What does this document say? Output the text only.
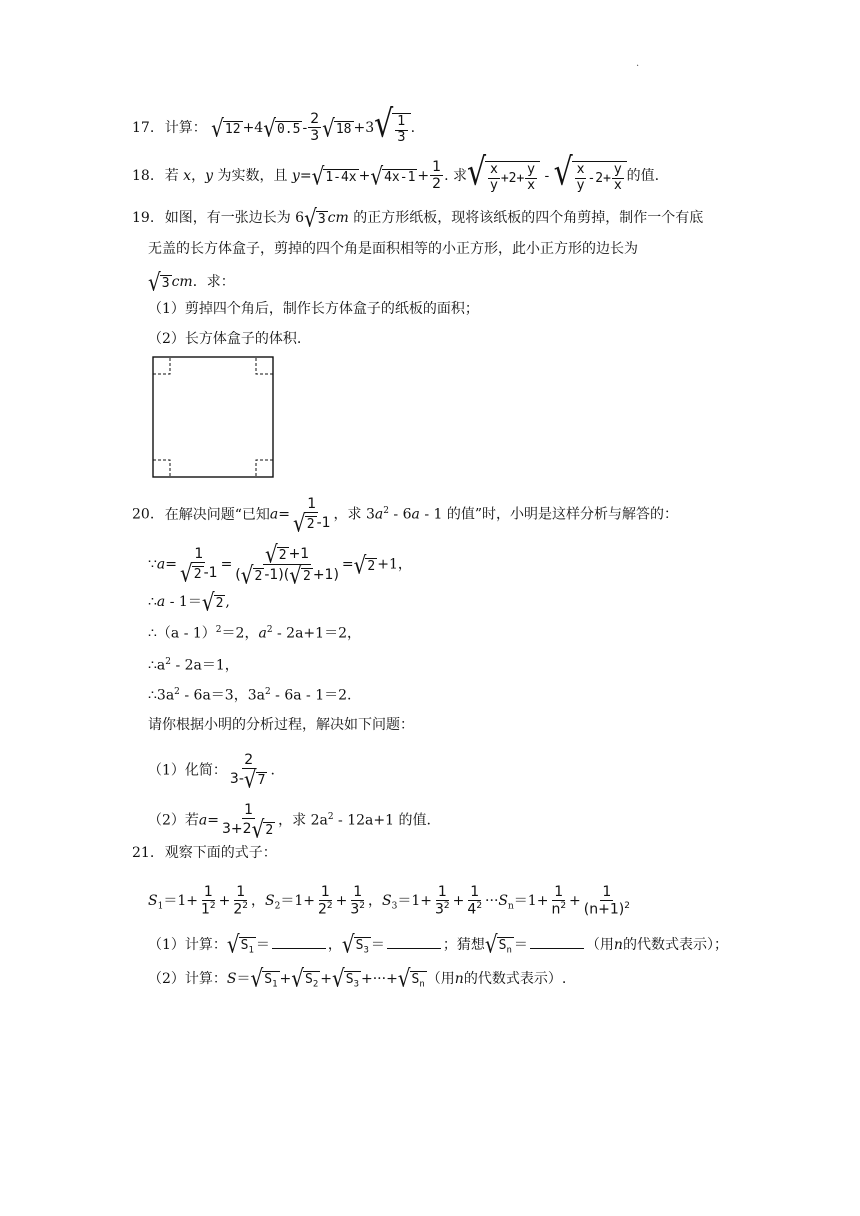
.
17. 计算： √ 12 +4 √ $0.5 - \frac{2}{3}$ √ 18 +3 √ $\frac{1}{3}$ .
18. 若 x，y 为实数，且 y= √ 1-4x + √ $4x-1 + \frac{1}{2}$ . 求 √ $\frac{x}{y} +2+ \frac{y}{x}$ - √ $\frac{x}{y} -2+ \frac{y}{x}$ 的值.
19. 如图，有一张边长为 6 √ 3 cm 的正方形纸板，现将该纸板的四个角剪掉，制作一个有底
无盖的长方体盒子，剪掉的四个角是面积相等的小正方形，此小正方形的边长为
√ 3 cm．求：
（1）剪掉四个角后，制作长方体盒子的纸板的面积；
（2）长方体盒子的体积.
20. 在解决问题“已知$a= \frac{1}{√ 2 -1}$ ，求 $3a^2 - 6a - 1$ 的值”时，小明是这样分析与解答的：
∵a= $\frac{1}{√ 2 -1} = \frac{√ 2 +1}{( √ 2 -1)( √ 2 +1)}$ = √ 2 +1，
∴a - 1＝ √ 2 ,
∴（a - 1）$^2$＝2，$a^2 - 2a+1=2$，
$\therefore a^2 - 2a=1$，
$\therefore 3a^2 - 6a=3$，$3a^2 - 6a - 1=2$.
请你根据小明的分析过程，解决如下问题：
（1）化简： $\frac{2}{3- √ 7}$ .
（2）若$a= \frac{1}{3+2 √ 2}$ ，求 $2a^2 - 12a+1$ 的值.
21. 观察下面的式子：
$S_1=1+ \frac{1}{1^2} + \frac{1}{2^2}$ ，$S_2=1+ \frac{1}{2^2} + \frac{1}{3^2}$ ，$S_3=1+ \frac{1}{3^2} + \frac{1}{4^2} \cdot\cdot\cdot S_n=1+ \frac{1}{n^2} + \frac{1}{(n+1)^2}$
（1）计算： √ $S_1$ ＝	， √ $S_3$ ＝	；猜想 √ $S_n$ ＝	（用n的代数式表示）；
（2）计算：S＝ √ $S_1$ + √ $S_2$ + √ $S_3$ +···+ √ $S_n$ （用n的代数式表示）.
